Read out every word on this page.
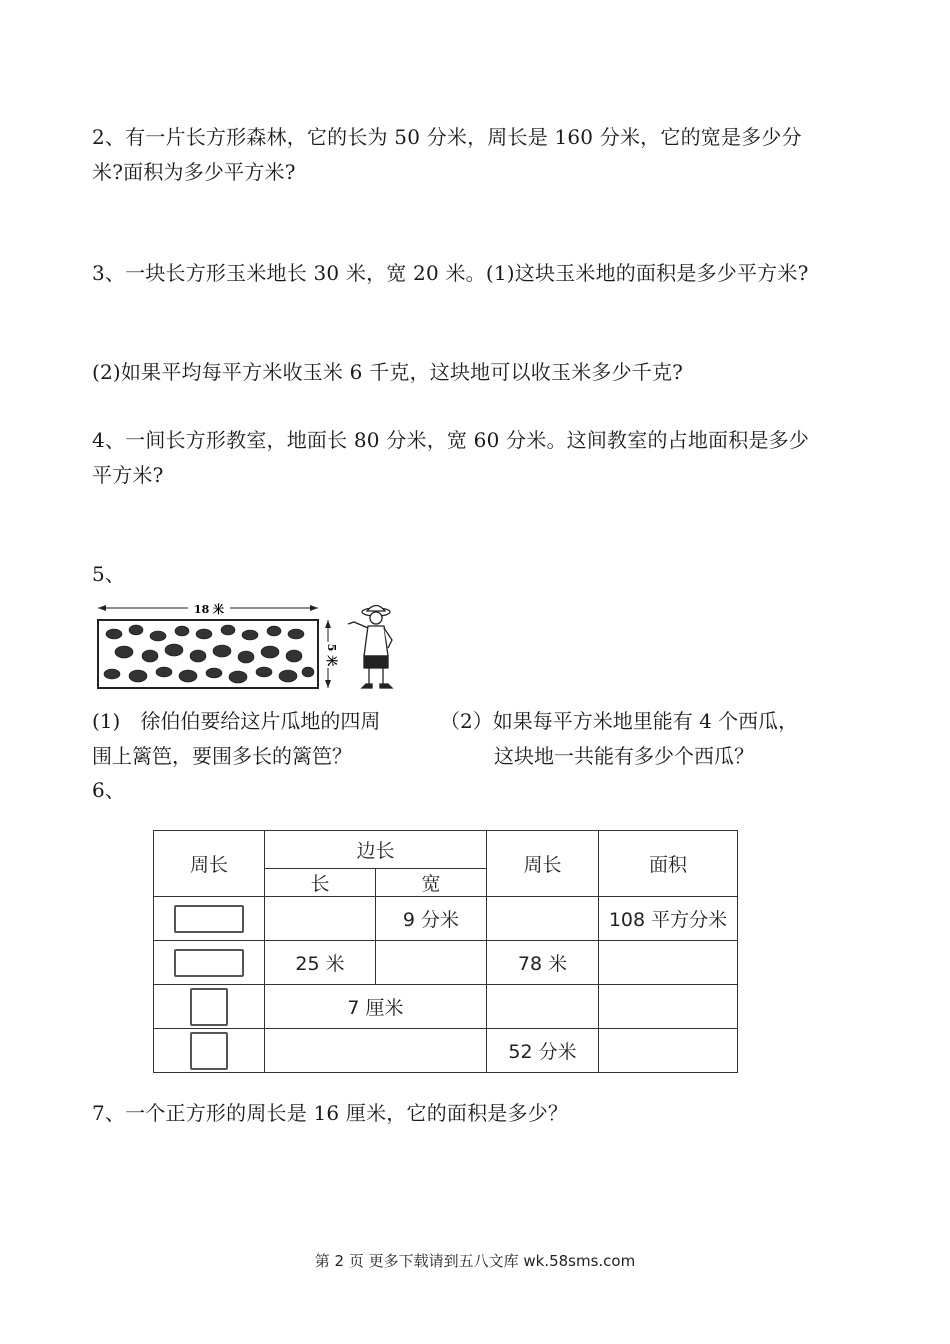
2、有一片长方形森林，它的长为 50 分米，周长是 160 分米，它的宽是多少分
米?面积为多少平方米?
3、一块长方形玉米地长 30 米，宽 20 米。(1)这块玉米地的面积是多少平方米?
(2)如果平均每平方米收玉米 6 千克，这块地可以收玉米多少千克?
4、一间长方形教室，地面长 80 分米，宽 60 分米。这间教室的占地面积是多少
平方米?
5、
18 米
5 米
(1)　徐伯伯要给这片瓜地的四周
围上篱笆，要围多长的篱笆？
（2）如果每平方米地里能有 4 个西瓜，
这块地一共能有多少个西瓜？
6、
周长	边长		周长	面积
	长	宽		
		9 分米		108 平方分米
	25 米		78 米	
	7 厘米			
			52 分米	
7、一个正方形的周长是 16 厘米，它的面积是多少？
第 2 页 更多下载请到五八文库 wk.58sms.com
